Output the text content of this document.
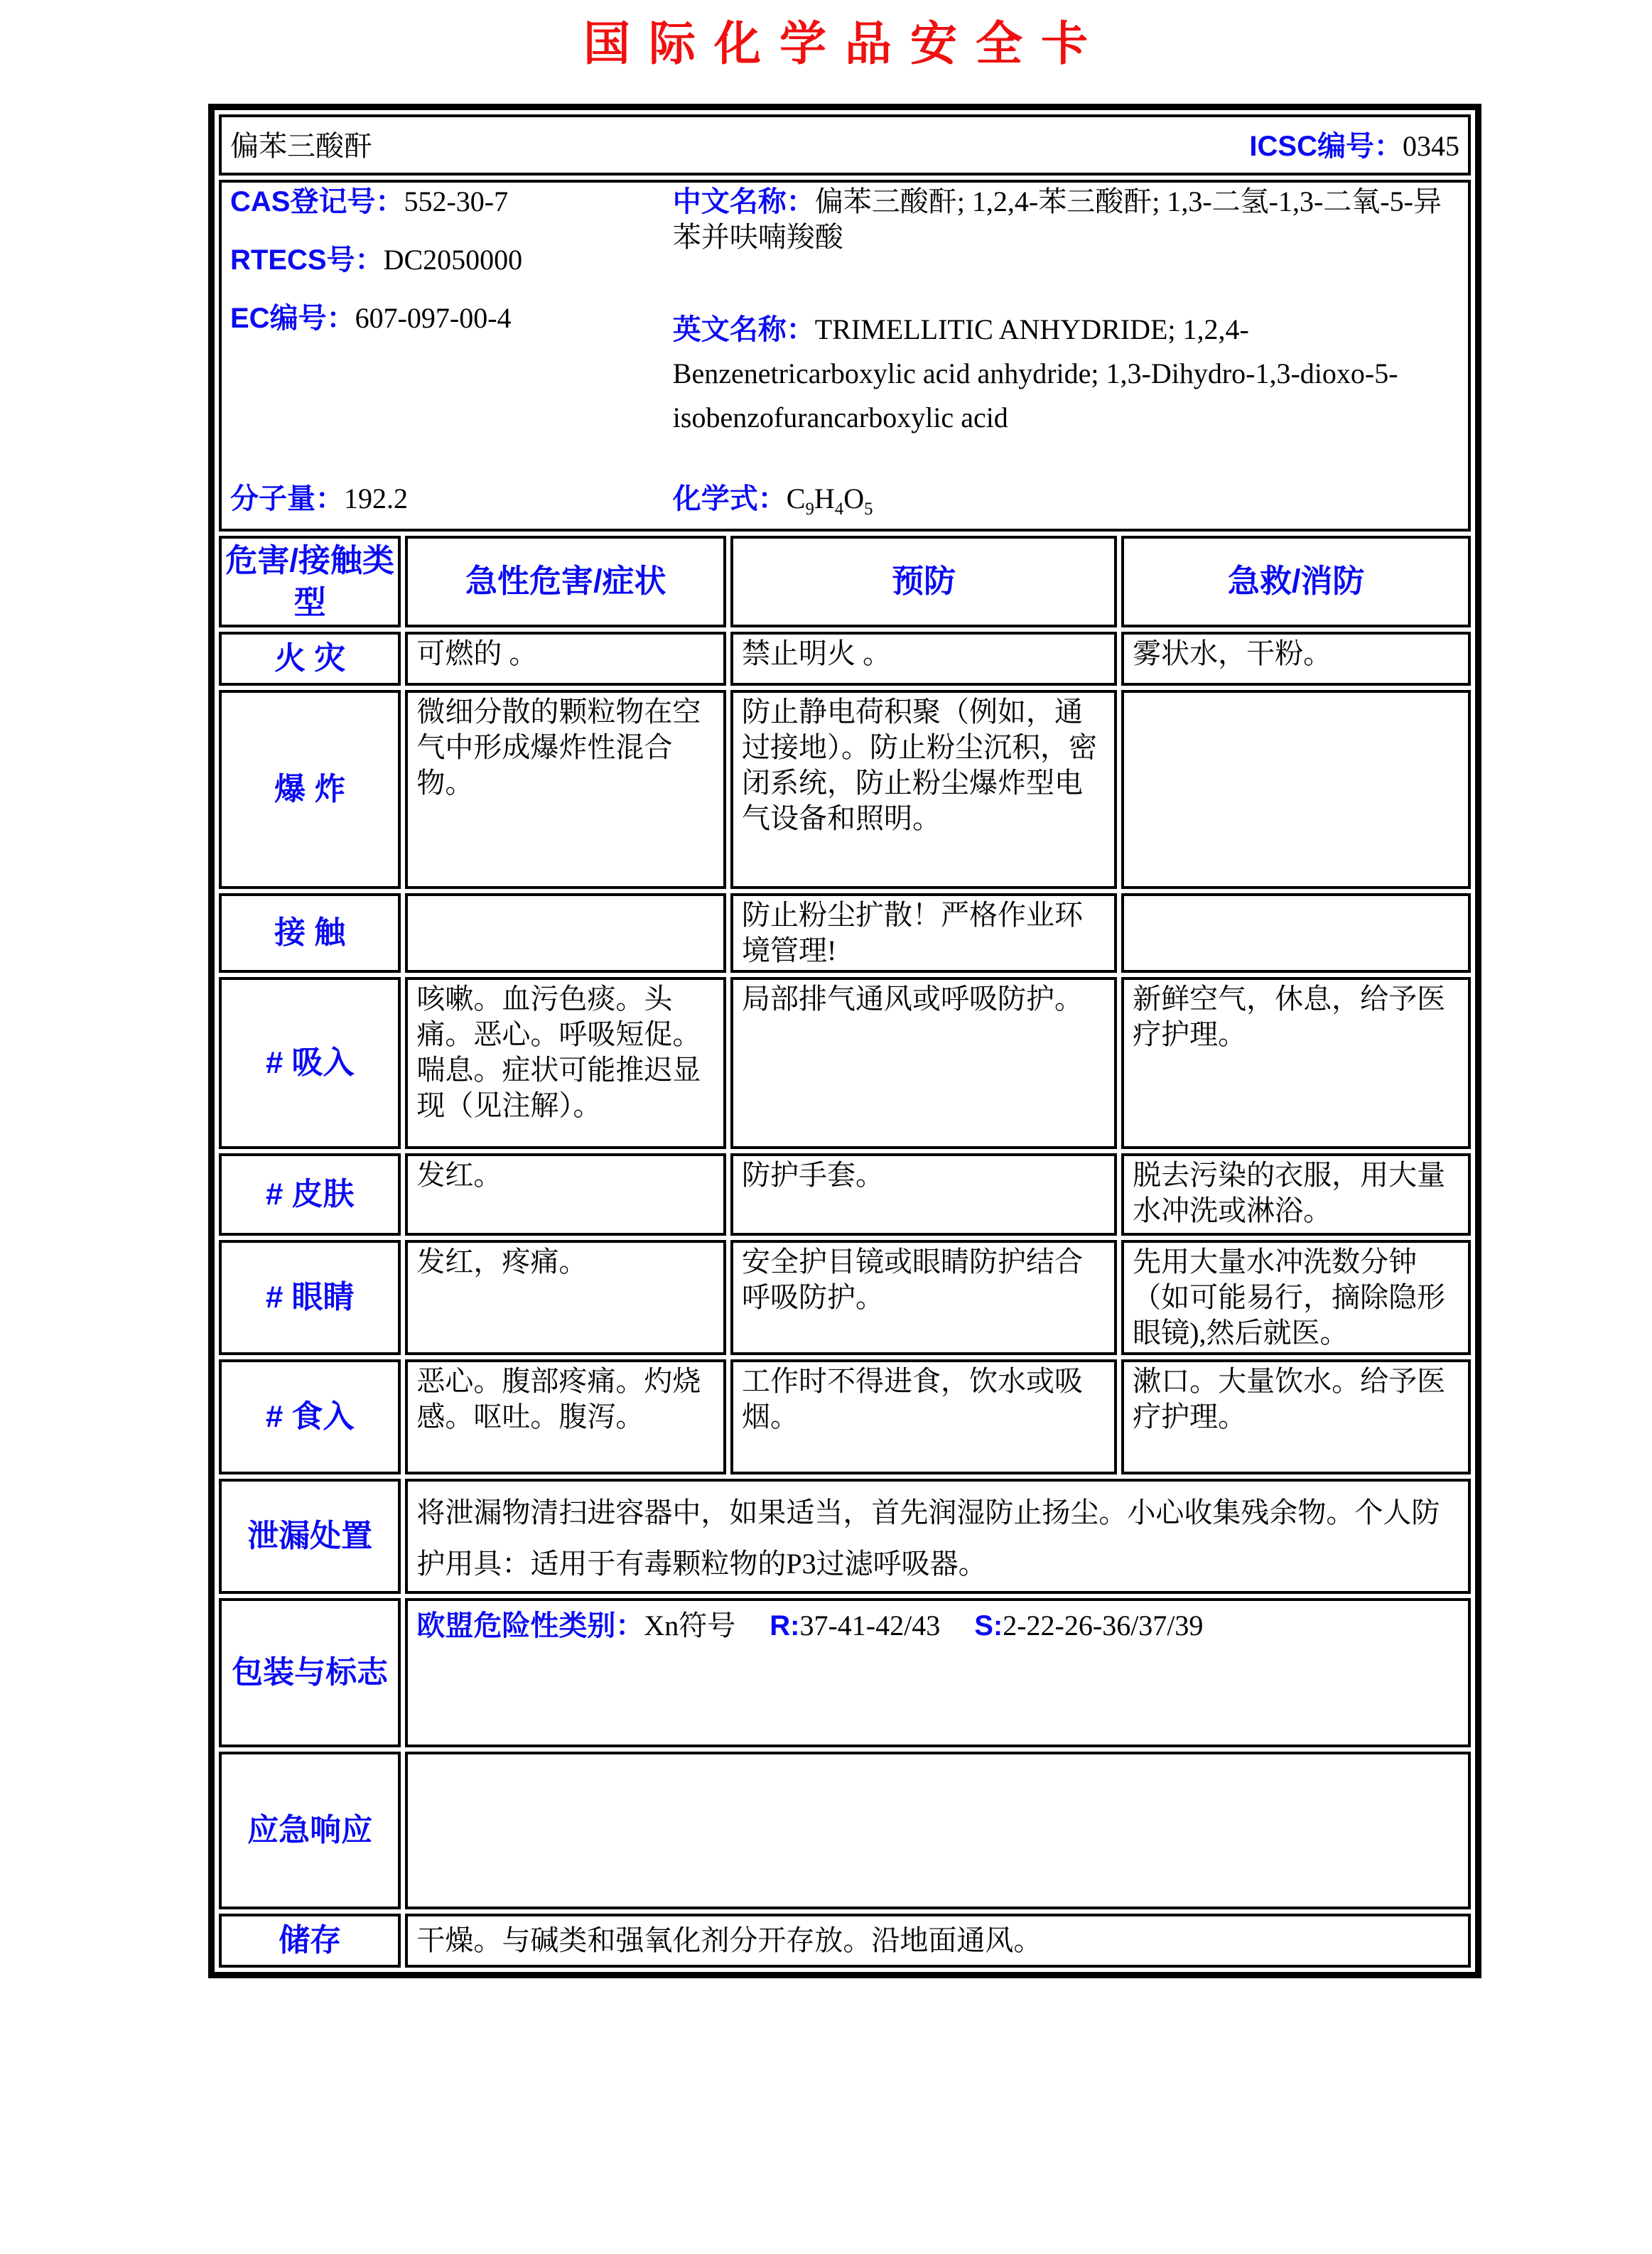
国际化学品安全卡
偏苯三酸酐 ICSC编号：0345			

CAS登记号：552-30-7
RTECS号：DC2050000
EC编号：607-097-00-4
中文名称：偏苯三酸酐; 1,2,4-苯三酸酐; 1,3-二氢-1,3-二氧-5-异苯并呋喃羧酸
英文名称：TRIMELLITIC ANHYDRIDE; 1,2,4-Benzenetricarboxylic acid anhydride; 1,3-Dihydro-1,3-dioxo-5-isobenzofurancarboxylic acid
分子量：192.2	化学式：$C_9H_4O_5$

危害/接触类型	急性危害/症状	预防	急救/消防
火 灾	可燃的 。	禁止明火 。	雾状水，干粉。
爆 炸	微细分散的颗粒物在空气中形成爆炸性混合物。	防止静电荷积聚（例如，通过接地）。防止粉尘沉积，密闭系统，防止粉尘爆炸型电气设备和照明。	
接 触		防止粉尘扩散！严格作业环境管理!	
# 吸入	咳嗽。血污色痰。头痛。恶心。呼吸短促。喘息。症状可能推迟显现（见注解）。	局部排气通风或呼吸防护。	新鲜空气，休息，给予医疗护理。
# 皮肤	发红。	防护手套。	脱去污染的衣服，用大量水冲洗或淋浴。
# 眼睛	发红，疼痛。	安全护目镜或眼睛防护结合呼吸防护。	先用大量水冲洗数分钟（如可能易行，摘除隐形眼镜),然后就医。
# 食入	恶心。腹部疼痛。灼烧感。呕吐。腹泻。	工作时不得进食，饮水或吸烟。	漱口。大量饮水。给予医疗护理。
泄漏处置	将泄漏物清扫进容器中，如果适当，首先润湿防止扬尘。小心收集残余物。个人防护用具：适用于有毒颗粒物的P3过滤呼吸器。		
包装与标志	欧盟危险性类别：Xn符号 R:37-41-42/43 S:2-22-26-36/37/39		
应急响应			
储存	干燥。与碱类和强氧化剂分开存放。沿地面通风。		
